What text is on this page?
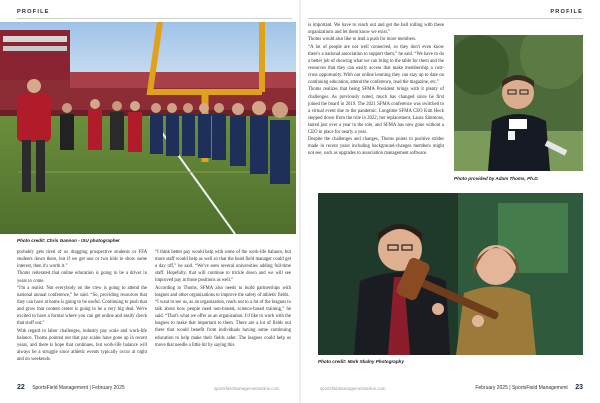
PROFILE	PROFILE
Photo credit: Chris Gannon - ISU photographer

probably gets tired of us dragging prospective students or FFA students down there, but if we get one or two kids to show some interest, then it's worth it.”

Thoms reiterated that online education is going to be a driver in years to come.

“I'm a realist. Not everybody on the crew is going to attend the national annual conference,” he said. “So, providing resources that they can have at home is going to be useful. Continuing to push that and grow that content center is going to be a very big deal. We're excited to have a format where you can get online and easily check that stuff out.”

With regard to labor challenges, industry pay scale and work-life balance, Thoms pointed out that pay scales have gone up in recent years, and there is hope that continues, but work-life balance will always be a struggle since athletic events typically occur at night and on weekends.

“I think better pay would help with some of the work-life balance, but more staff would help as well so that the head field manager could get a day off,” he said. “We've seen several universities adding full-time staff. Hopefully, that will continue to trickle down and we will see improved pay at those positions as well.”

According to Thoms, SFMA also needs to build partnerships with leagues and other organizations to improve the safety of athletic fields.

“I want to see us, as an organization, reach out to a lot of the leagues to talk about how people need non-biased, science-based training,” he said. “That's what we offer as an organization. I'd like to work with the leagues to make that important to them. There are a lot of fields out there that would benefit from individuals having some continuing education to help make their fields safer. The leagues could help us move that needle a little bit by saying this

is important. We have to reach out and get the ball rolling with these organizations and let them know we exist.”

Thoms would also like to lead a push for more members.

“A lot of people are not well connected, so they don't even know there's a national association to support them,” he said. “We have to do a better job of showing what we can bring to the table for them and the resources that they can easily access that make membership a cost-cross opportunity. With our online learning they can stay up to date on continuing education, attend the conference, read the magazine, etc.”

Thoms realizes that being SFMA President brings with it plenty of challenges. As previously noted, much has changed since he first joined the board in 2019. The 2021 SFMA conference was switched to a virtual event due to the pandemic. Longtime SFMA CEO Kim Heck stepped down from the role in 2022; her replacement, Laura Simmons, lasted just over a year in the role, and SFMA has now gone without a CEO in place for nearly a year.

Despite the challenges and changes, Thoms points to positive strides made in recent years including background-changes members might not see, such as upgrades to association management software.

Photo provided by Adam Thoms, Ph.D.
Photo credit: Mark Skalny Photography
22 SportsField Management | February 2025	sportsfieldmanagementonline.com	sportsfieldmanagementonline.com	February 2025 | SportsField Management 23
